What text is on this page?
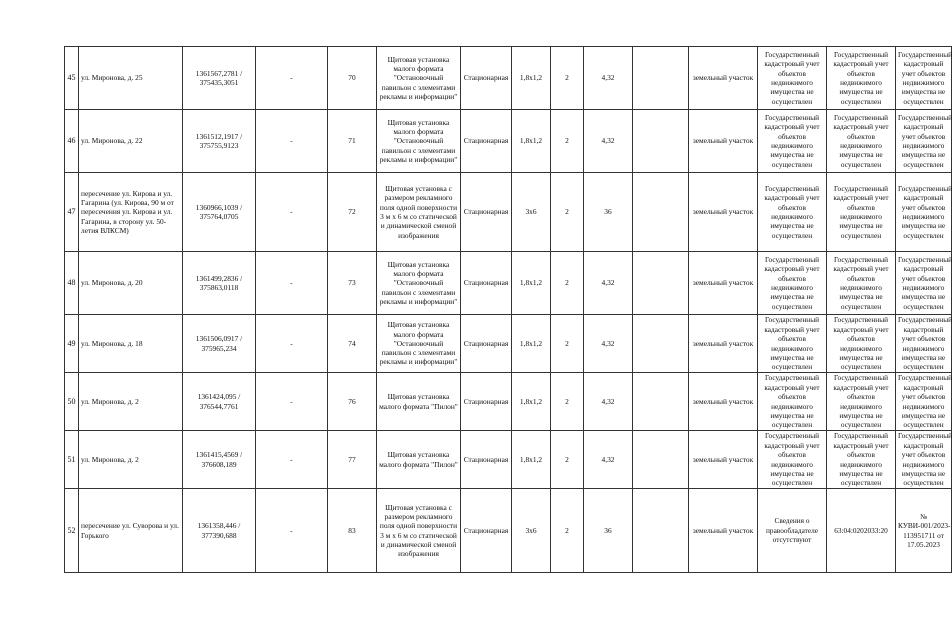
45	ул. Миронова, д. 25	1361567,2781 / 375435,3051	-	70	Щитовая установка малого формата "Остановочный павильон с элементами рекламы и информации"	Стационарная	1,8х1,2	2	4,32		земельный участок	Государственный кадастровый учет объектов недвижимого имущества не осуществлен	Государственный кадастровый учет объектов недвижимого имущества не осуществлен	Государственный кадастровый учет объектов недвижимого имущества не осуществлен
46	ул. Миронова, д. 22	1361512,1917 / 375755,9123	-	71	Щитовая установка малого формата "Остановочный павильон с элементами рекламы и информации"	Стационарная	1,8х1,2	2	4,32		земельный участок	Государственный кадастровый учет объектов недвижимого имущества не осуществлен	Государственный кадастровый учет объектов недвижимого имущества не осуществлен	Государственный кадастровый учет объектов недвижимого имущества не осуществлен
47	пересечение ул. Кирова и ул. Гагарина (ул. Кирова, 90 м от пересечения ул. Кирова и ул. Гагарина, в сторону ул. 50-летия ВЛКСМ)	1360966,1039 / 375764,0705	-	72	Щитовая установка с размером рекламного поля одной поверхности 3 м х 6 м со статической и динамической сменой изображения	Стационарная	3х6	2	36		земельный участок	Государственный кадастровый учет объектов недвижимого имущества не осуществлен	Государственный кадастровый учет объектов недвижимого имущества не осуществлен	Государственный кадастровый учет объектов недвижимого имущества не осуществлен
48	ул. Миронова, д. 20	1361499,2836 / 375863,0118	-	73	Щитовая установка малого формата "Остановочный павильон с элементами рекламы и информации"	Стационарная	1,8х1,2	2	4,32		земельный участок	Государственный кадастровый учет объектов недвижимого имущества не осуществлен	Государственный кадастровый учет объектов недвижимого имущества не осуществлен	Государственный кадастровый учет объектов недвижимого имущества не осуществлен
49	ул. Миронова, д. 18	1361506,0917 / 375965,234	-	74	Щитовая установка малого формата "Остановочный павильон с элементами рекламы и информации"	Стационарная	1,8х1,2	2	4,32		земельный участок	Государственный кадастровый учет объектов недвижимого имущества не осуществлен	Государственный кадастровый учет объектов недвижимого имущества не осуществлен	Государственный кадастровый учет объектов недвижимого имущества не осуществлен
50	ул. Миронова, д. 2	1361424,095 / 376544,7761	-	76	Щитовая установка малого формата "Пилон"	Стационарная	1,8х1,2	2	4,32		земельный участок	Государственный кадастровый учет объектов недвижимого имущества не осуществлен	Государственный кадастровый учет объектов недвижимого имущества не осуществлен	Государственный кадастровый учет объектов недвижимого имущества не осуществлен
51	ул. Миронова, д. 2	1361415,4569 / 376608,189	-	77	Щитовая установка малого формата "Пилон"	Стационарная	1,8х1,2	2	4,32		земельный участок	Государственный кадастровый учет объектов недвижимого имущества не осуществлен	Государственный кадастровый учет объектов недвижимого имущества не осуществлен	Государственный кадастровый учет объектов недвижимого имущества не осуществлен
52	пересечение ул. Суворова и ул. Горького	1361358,446 / 377390,688	-	83	Щитовая установка с размером рекламного поля одной поверхности 3 м х 6 м со статической и динамической сменой изображения	Стационарная	3х6	2	36		земельный участок	Сведения о правообладателе отсутствуют	63:04:0202033:20	№ КУВИ-001/2023-113951711 от 17.05.2023
